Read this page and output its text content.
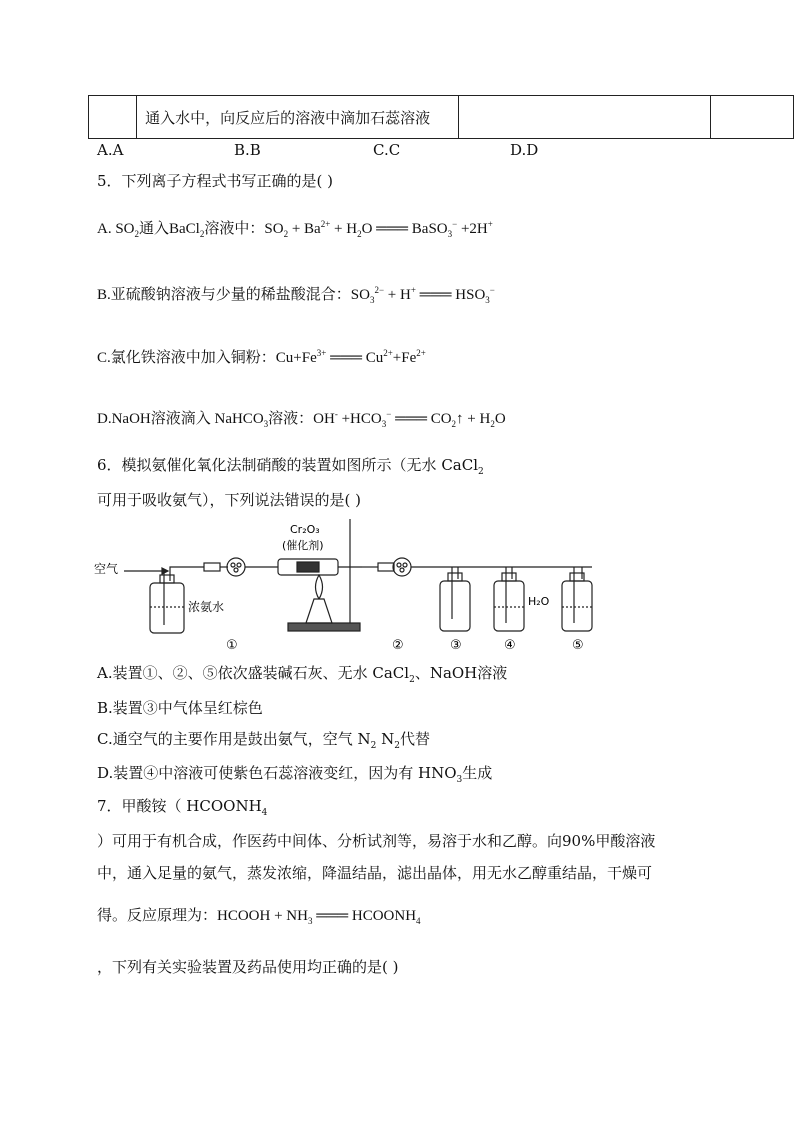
	通入水中，向反应后的溶液中滴加石蕊溶液		
A.A	B.B	C.C	D.D
5．下列离子方程式书写正确的是( )
A. $SO_2$通入BaCl$_2$溶液中：$SO_2 + Ba^{2+} + H_2O$ ═══ BaSO$_3$− +2H+
B.亚硫酸钠溶液与少量的稀盐酸混合：$SO_3^{2-} + H^+$ ═══ $HSO_3^-$
C.氯化铁溶液中加入铜粉：$Cu+Fe^{3+}$ ═══ $Cu^{2+}+Fe^{2+}$
D.NaOH溶液滴入 NaHCO$_3$溶液：$OH^- +HCO_3^-$ ═══ $CO_2↑ + H_2O$
6．模拟氨催化氧化法制硝酸的装置如图所示（无水 CaCl$_2$
可用于吸收氨气），下列说法错误的是( )
空气
浓氨水
Cr₂O₃
(催化剂)
H₂O
①	②	③	④	⑤
A.装置①、②、⑤依次盛装碱石灰、无水 CaCl$_2$、NaOH溶液
B.装置③中气体呈红棕色
C.通空气的主要作用是鼓出氨气，空气 $N_2$ $N_2$代替
D.装置④中溶液可使紫色石蕊溶液变红，因为有 $HNO_3$生成
7．甲酸铵（ $HCOONH_4$
）可用于有机合成，作医药中间体、分析试剂等，易溶于水和乙醇。向90%甲酸溶液
中，通入足量的氨气，蒸发浓缩，降温结晶，滤出晶体，用无水乙醇重结晶，干燥可
得。反应原理为：HCOOH + $NH_3$ ═══ $HCOONH_4$
，下列有关实验装置及药品使用均正确的是( )
